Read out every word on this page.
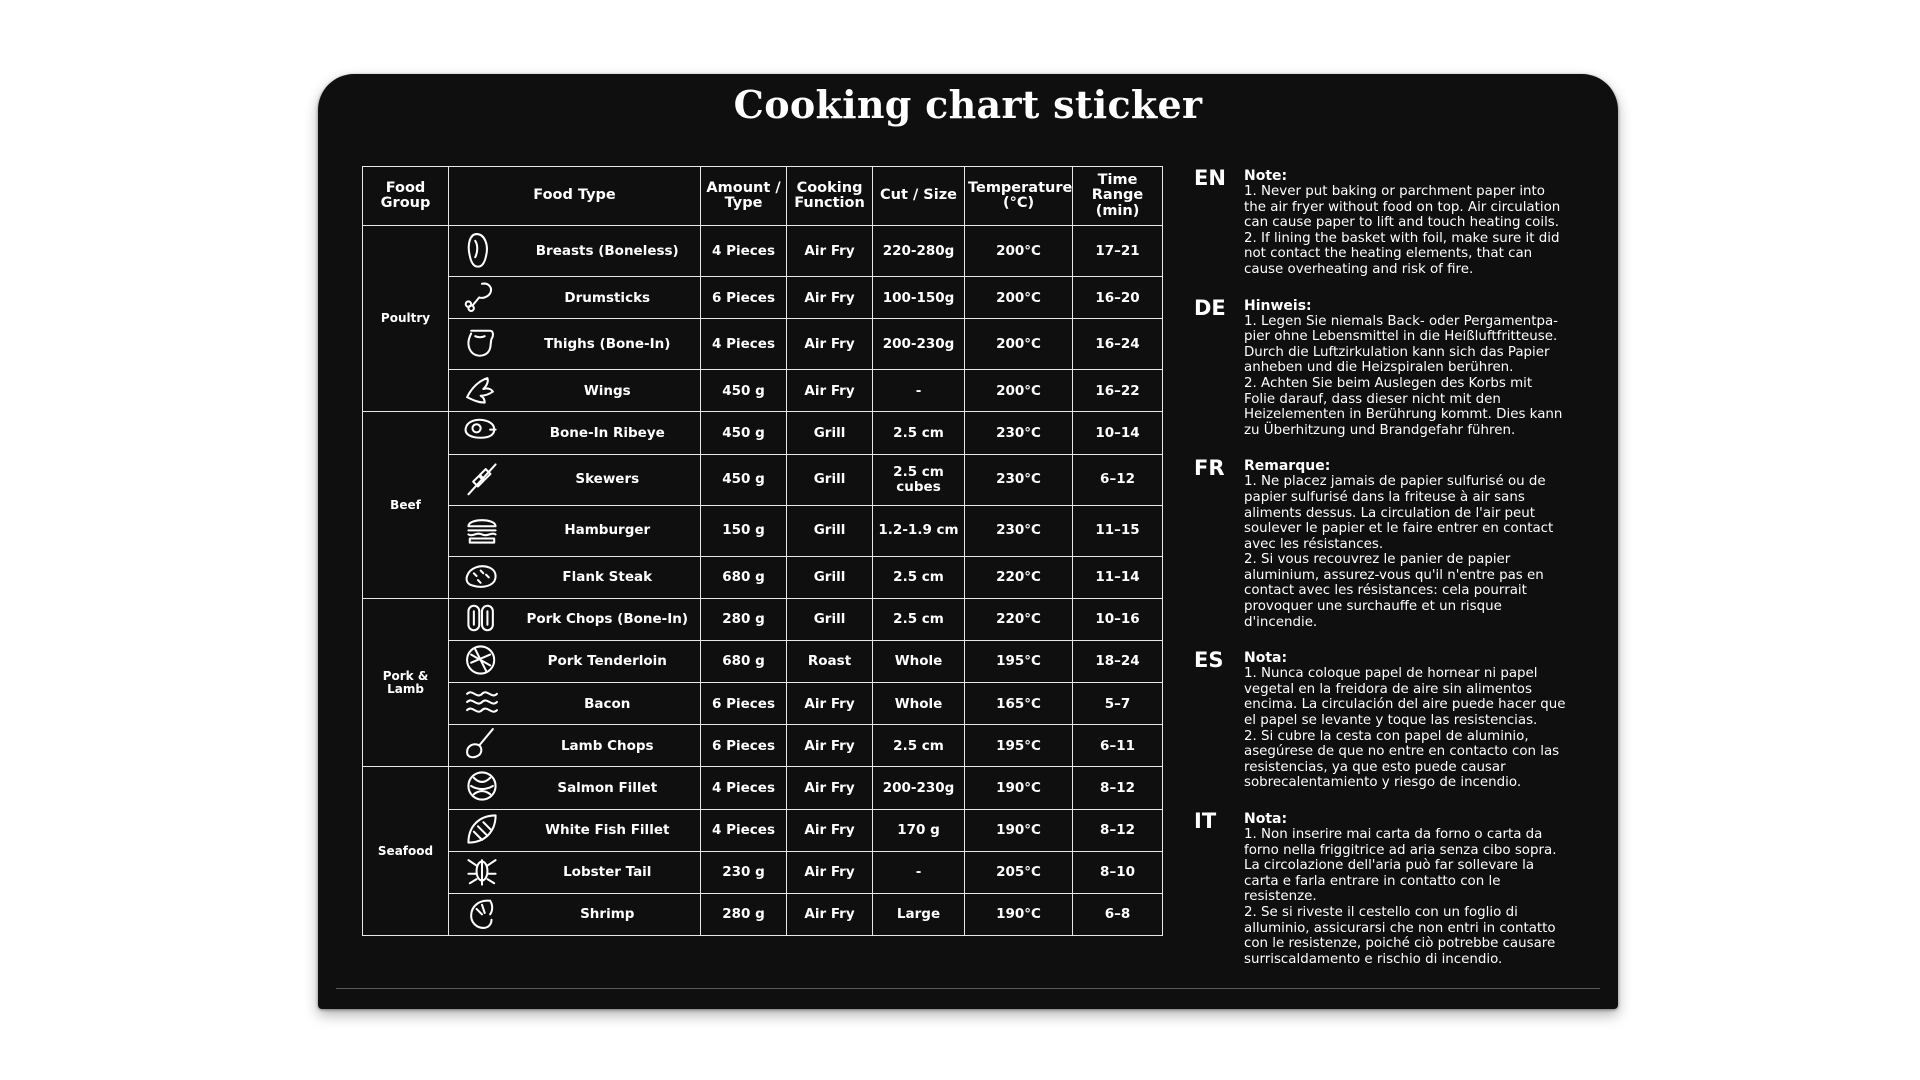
Cooking chart sticker
Food Group	Food Type		Amount / Type	Cooking Function	Cut / Size	Temperature (°C)	Time Range (min)
Poultry		Breasts (Boneless)	4 Pieces	Air Fry	220-280g	200°C	17–21

	Drumsticks	6 Pieces	Air Fry	100-150g	200°C	16–20

	Thighs (Bone-In)	4 Pieces	Air Fry	200-230g	200°C	16–24

	Wings	450 g	Air Fry	-	200°C	16–22
Beef		Bone-In Ribeye	450 g	Grill	2.5 cm	230°C	10–14

	Skewers	450 g	Grill	2.5 cm cubes	230°C	6–12

	Hamburger	150 g	Grill	1.2-1.9 cm	230°C	11–15

	Flank Steak	680 g	Grill	2.5 cm	220°C	11–14
Pork & Lamb		Pork Chops (Bone-In)	280 g	Grill	2.5 cm	220°C	10–16

	Pork Tenderloin	680 g	Roast	Whole	195°C	18–24

	Bacon	6 Pieces	Air Fry	Whole	165°C	5–7

	Lamb Chops	6 Pieces	Air Fry	2.5 cm	195°C	6–11
Seafood		Salmon Fillet	4 Pieces	Air Fry	200-230g	190°C	8–12

	White Fish Fillet	4 Pieces	Air Fry	170 g	190°C	8–12

	Lobster Tail	230 g	Air Fry	-	205°C	8–10

	Shrimp	280 g	Air Fry	Large	190°C	6–8
EN Note:
1. Never put baking or parchment paper into
the air fryer without food on top. Air circulation
can cause paper to lift and touch heating coils.
2. If lining the basket with foil, make sure it did
not contact the heating elements, that can
cause overheating and risk of fire.
DE Hinweis:
1. Legen Sie niemals Back- oder Pergamentpa-
pier ohne Lebensmittel in die Heißluftfritteuse.
Durch die Luftzirkulation kann sich das Papier
anheben und die Heizspiralen berühren.
2. Achten Sie beim Auslegen des Korbs mit
Folie darauf, dass dieser nicht mit den
Heizelementen in Berührung kommt. Dies kann
zu Überhitzung und Brandgefahr führen.
FR Remarque:
1. Ne placez jamais de papier sulfurisé ou de
papier sulfurisé dans la friteuse à air sans
aliments dessus. La circulation de l'air peut
soulever le papier et le faire entrer en contact
avec les résistances.
2. Si vous recouvrez le panier de papier
aluminium, assurez-vous qu'il n'entre pas en
contact avec les résistances: cela pourrait
provoquer une surchauffe et un risque
d'incendie.
ES Nota:
1. Nunca coloque papel de hornear ni papel
vegetal en la freidora de aire sin alimentos
encima. La circulación del aire puede hacer que
el papel se levante y toque las resistencias.
2. Si cubre la cesta con papel de aluminio,
asegúrese de que no entre en contacto con las
resistencias, ya que esto puede causar
sobrecalentamiento y riesgo de incendio.
IT Nota:
1. Non inserire mai carta da forno o carta da
forno nella friggitrice ad aria senza cibo sopra.
La circolazione dell'aria può far sollevare la
carta e farla entrare in contatto con le
resistenze.
2. Se si riveste il cestello con un foglio di
alluminio, assicurarsi che non entri in contatto
con le resistenze, poiché ciò potrebbe causare
surriscaldamento e rischio di incendio.
